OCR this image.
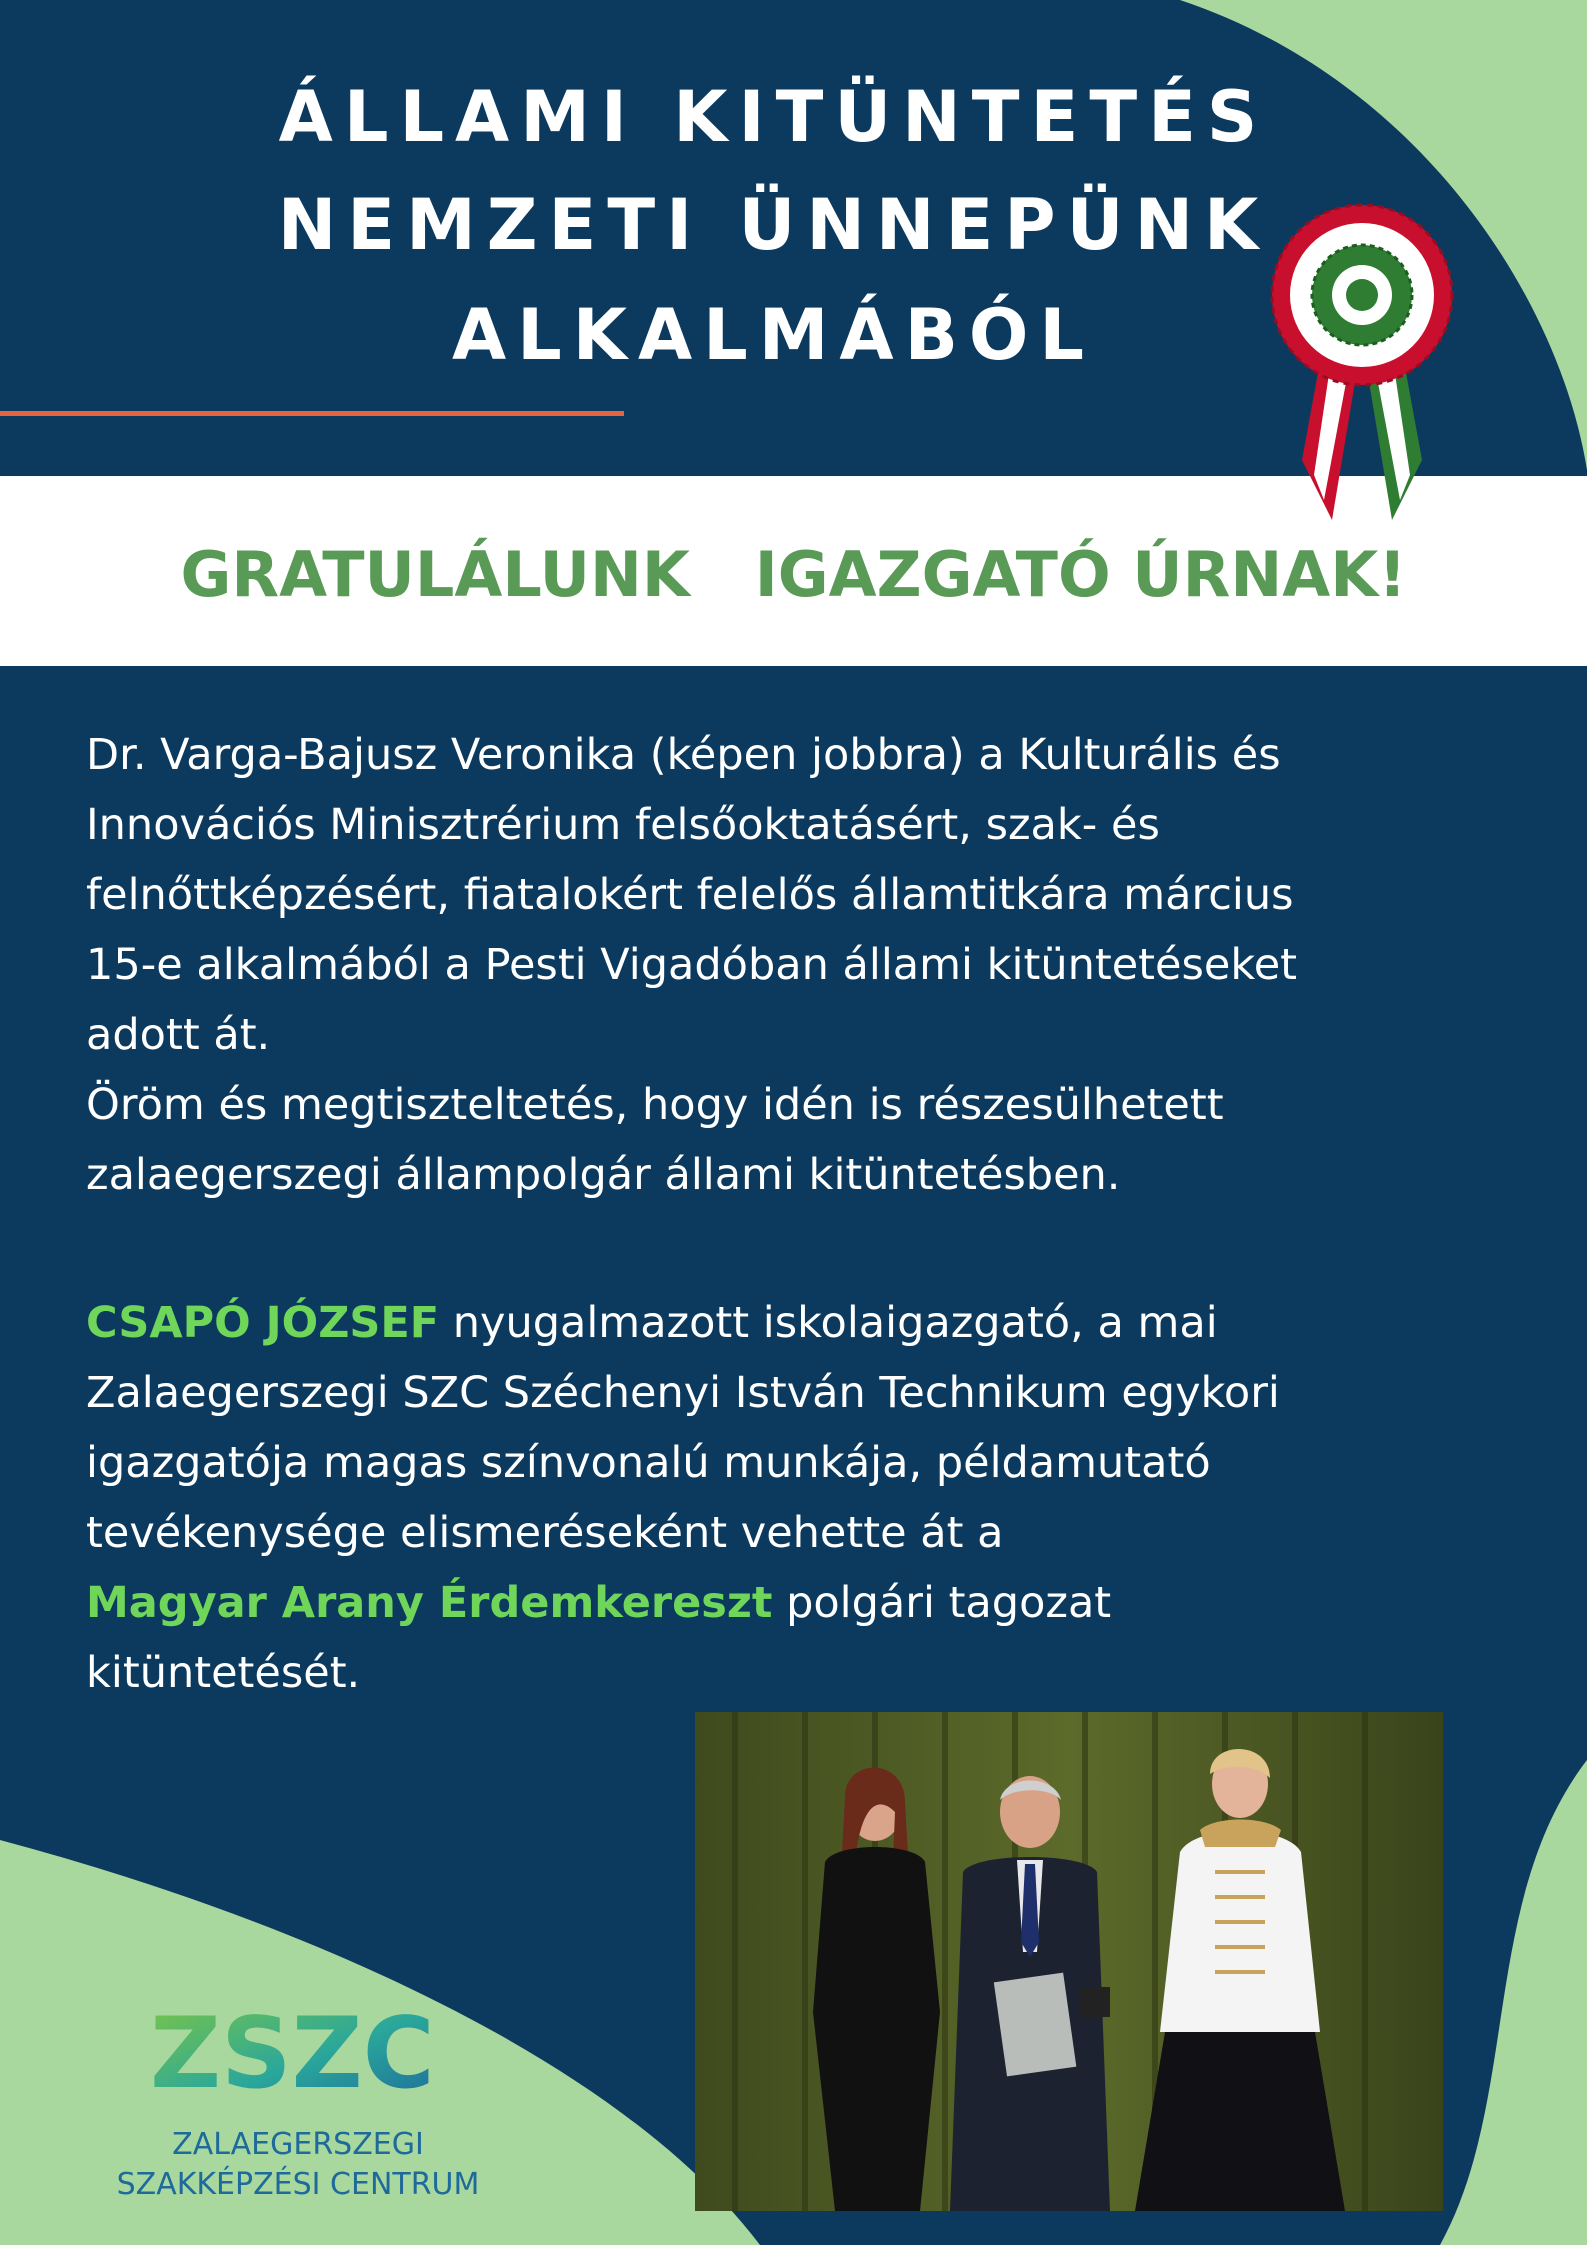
ÁLLAMI KITÜNTETÉS
NEMZETI ÜNNEPÜNK
ALKALMÁBÓL
GRATULÁLUNK   IGAZGATÓ ÚRNAK!
Dr. Varga-Bajusz Veronika (képen jobbra) a Kulturális és
Innovációs Minisztrérium felsőoktatásért, szak- és
felnőttképzésért, fiatalokért felelős államtitkára március
15-e alkalmából a Pesti Vigadóban állami kitüntetéseket
adott át.
Öröm és megtiszteltetés, hogy idén is részesülhetett
zalaegerszegi állampolgár állami kitüntetésben.
CSAPÓ JÓZSEF nyugalmazott iskolaigazgató, a mai
Zalaegerszegi SZC Széchenyi István Technikum egykori
igazgatója magas színvonalú munkája, példamutató
tevékenysége elismeréseként vehette át a
Magyar Arany Érdemkereszt polgári tagozat
kitüntetését.
ZSZC
ZALAEGERSZEGI
SZAKKÉPZÉSI CENTRUM
